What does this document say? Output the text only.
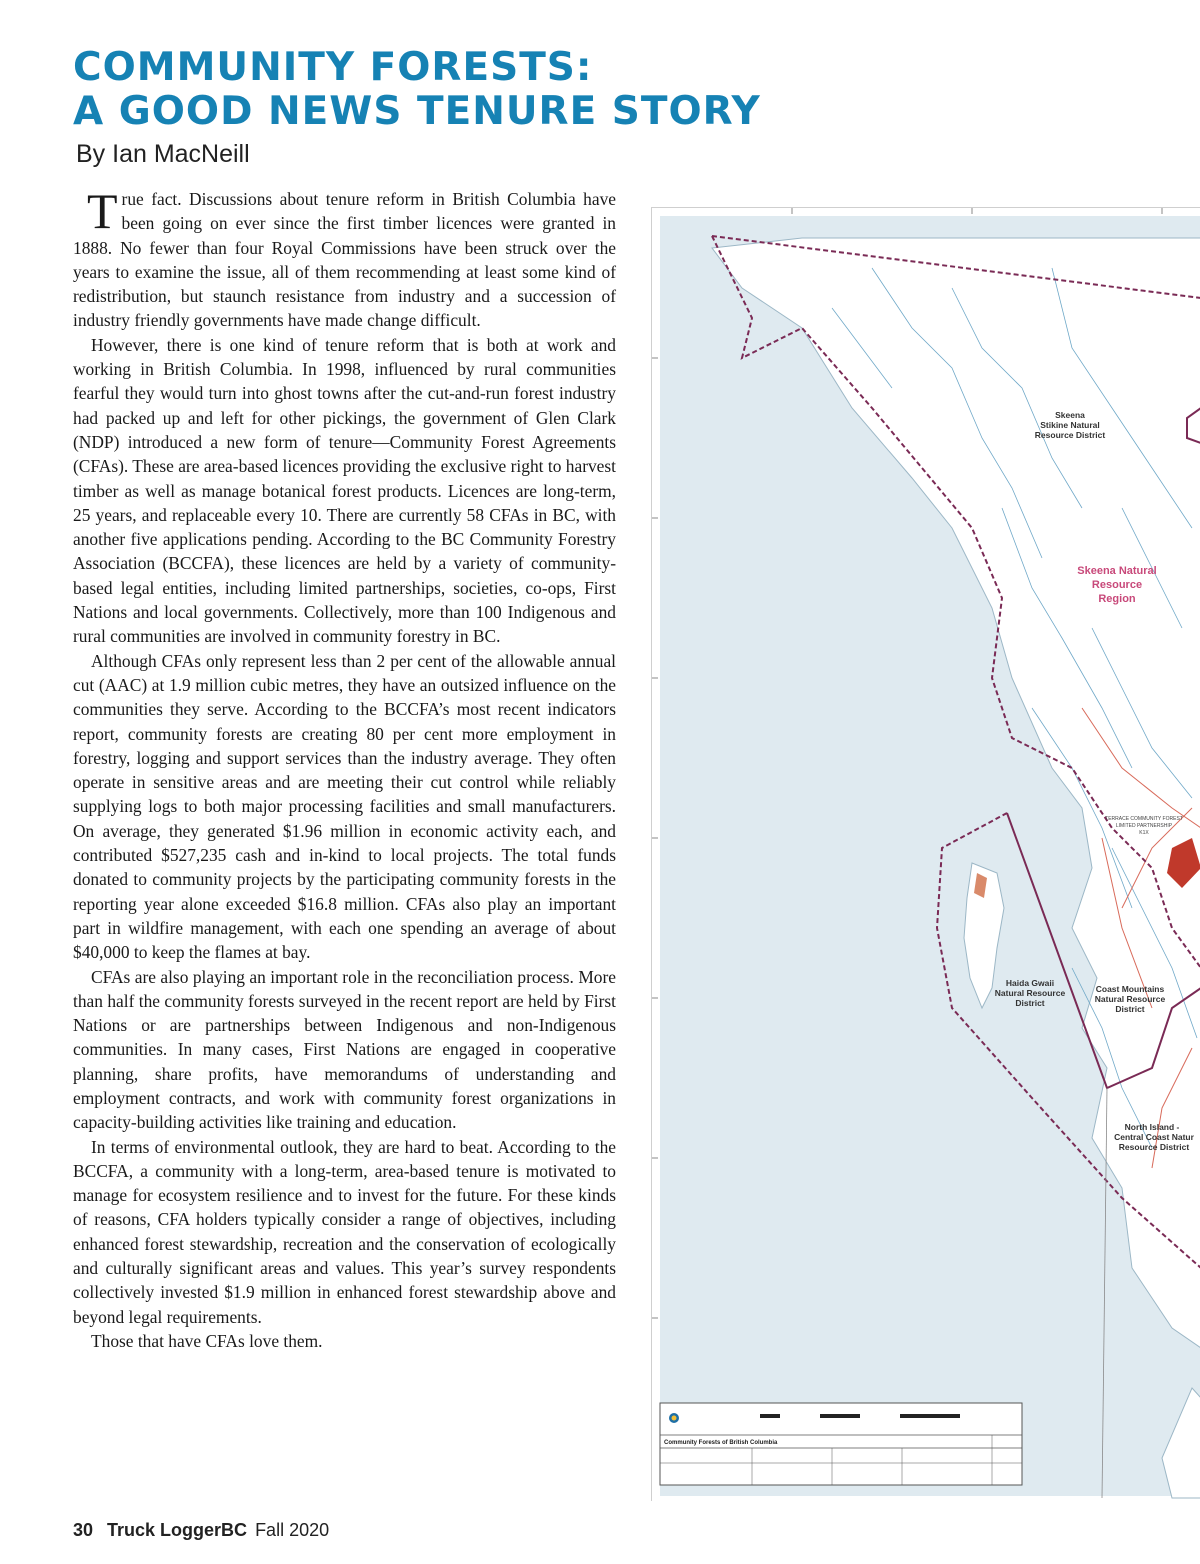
COMMUNITY FORESTS:
A GOOD NEWS TENURE STORY
By Ian MacNeill

True fact. Discussions about tenure reform in British Columbia have been going on ever since the first timber licences were granted in 1888. No fewer than four Royal Commissions have been struck over the years to examine the issue, all of them recommending at least some kind of redistribution, but staunch resistance from industry and a succession of industry friendly governments have made change difficult.

However, there is one kind of tenure reform that is both at work and working in British Columbia. In 1998, influenced by rural communities fearful they would turn into ghost towns after the cut-and-run forest industry had packed up and left for other pickings, the government of Glen Clark (NDP) introduced a new form of tenure—Community Forest Agreements (CFAs). These are area-based licences providing the exclusive right to harvest timber as well as manage botanical forest products. Licences are long-term, 25 years, and replaceable every 10. There are currently 58 CFAs in BC, with another five applications pending. According to the BC Community Forestry Association (BCCFA), these licences are held by a variety of community-based legal entities, including limited partnerships, societies, co-ops, First Nations and local governments. Collectively, more than 100 Indigenous and rural communities are involved in community forestry in BC.

Although CFAs only represent less than 2 per cent of the allowable annual cut (AAC) at 1.9 million cubic metres, they have an outsized influence on the communities they serve. According to the BCCFA’s most recent indicators report, community forests are creating 80 per cent more employment in forestry, logging and support services than the industry average. They often operate in sensitive areas and are meeting their cut control while reliably supplying logs to both major processing facilities and small manufacturers. On average, they generated $1.96 million in economic activity each, and contributed $527,235 cash and in-kind to local projects. The total funds donated to community projects by the participating community forests in the reporting year alone exceeded $16.8 million. CFAs also play an important part in wildfire management, with each one spending an average of about $40,000 to keep the flames at bay.

CFAs are also playing an important role in the reconciliation process. More than half the community forests surveyed in the recent report are held by First Nations or are partnerships between Indigenous and non-Indigenous communities. In many cases, First Nations are engaged in cooperative planning, share profits, have memorandums of understanding and employment contracts, and work with community forest organizations in capacity-building activities like training and education.

In terms of environmental outlook, they are hard to beat. According to the BCCFA, a community with a long-term, area-based tenure is motivated to manage for ecosystem resilience and to invest for the future. For these kinds of reasons, CFA holders typically consider a range of objectives, including enhanced forest stewardship, recreation and the conservation of ecologically and culturally significant areas and values. This year’s survey respondents collectively invested $1.9 million in enhanced forest stewardship above and beyond legal requirements.

Those that have CFAs love them.

Skeena
Stikine Natural
Resource District
Skeena Natural
Resource
Region
TERRACE COMMUNITY FOREST
LIMITED PARTNERSHIP
K1X
Haida Gwaii
Natural Resource
District
Coast Mountains
Natural Resource
District
North Island -
Central Coast Natur
Resource District
Community Forests of British Columbia
30 Truck LoggerBC Fall 2020
